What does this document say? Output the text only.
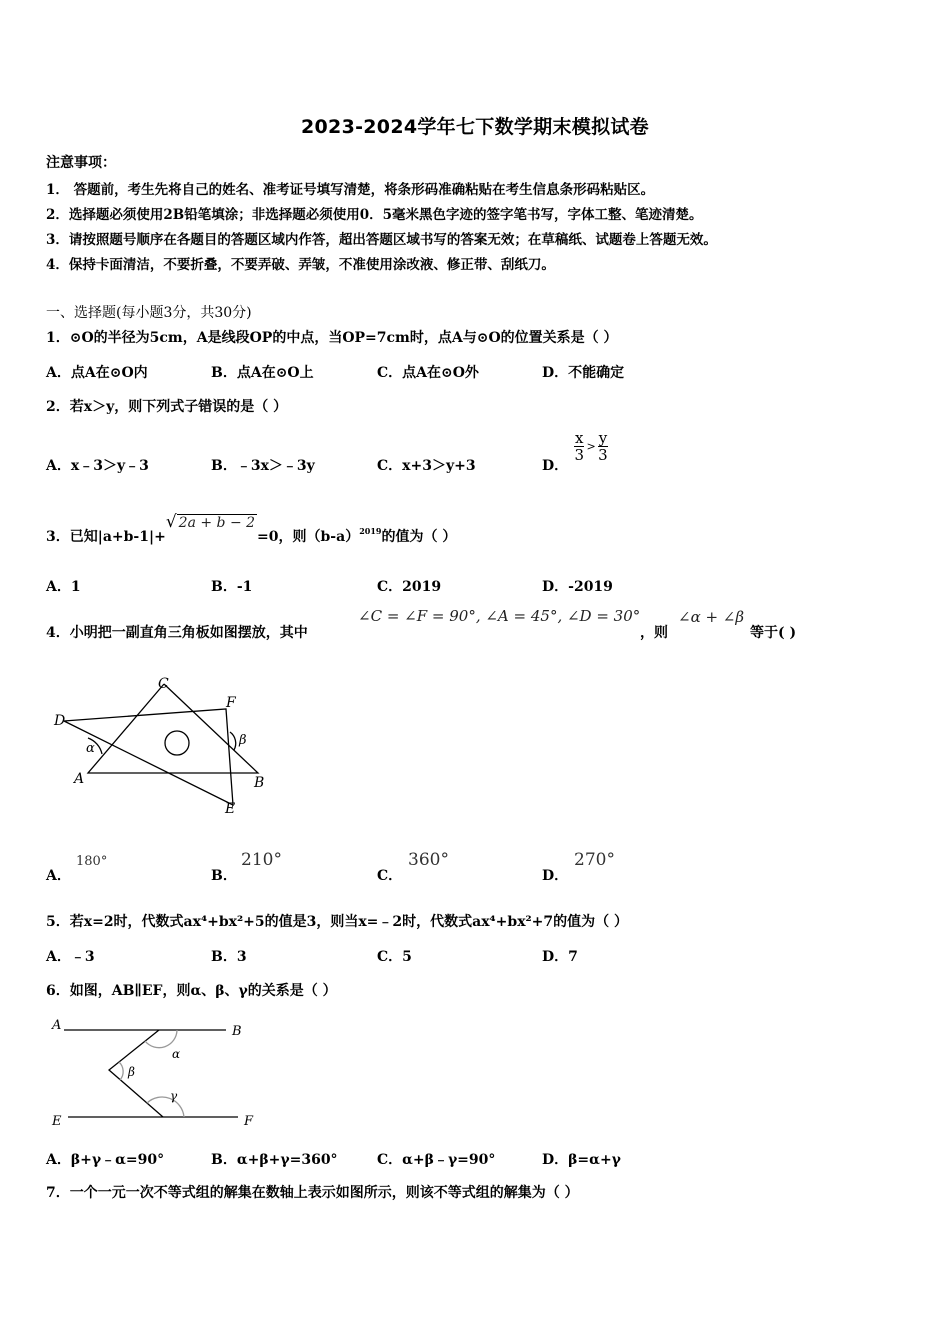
2023-2024学年七下数学期末模拟试卷
注意事项：
1． 答题前，考生先将自己的姓名、准考证号填写清楚，将条形码准确粘贴在考生信息条形码粘贴区。
2．选择题必须使用2B铅笔填涂；非选择题必须使用0．5毫米黑色字迹的签字笔书写，字体工整、笔迹清楚。
3．请按照题号顺序在各题目的答题区域内作答，超出答题区域书写的答案无效；在草稿纸、试题卷上答题无效。
4．保持卡面清洁，不要折叠，不要弄破、弄皱，不准使用涂改液、修正带、刮纸刀。
一、选择题(每小题3分，共30分)
1．⊙O的半径为5cm，A是线段OP的中点，当OP=7cm时，点A与⊙O的位置关系是（ ）
A．点A在⊙O内	B．点A在⊙O上	C．点A在⊙O外	D．不能确定
2．若x＞y，则下列式子错误的是（ ）
A．x﹣3＞y﹣3	B．﹣3x＞﹣3y	C．x+3＞y+3	D．
$\frac{x}{3} > \frac{y}{3}$
3．已知|a+b-1|+√ 2a + b − 2=0，则$(b-a)^{2019}$的值为（ ）
A．1	B．-1	C．2019	D．-2019
4．小明把一副直角三角板如图摆放，其中
∠C = ∠F = 90°, ∠A = 45°, ∠D = 30°
，则
∠α + ∠β
等于( )
C
F
D
α
β
A	B
E
A．
180°
B．
210°
C．
360°
D．
270°
5．若x=2时，代数式ax⁴+bx²+5的值是3，则当x=﹣2时，代数式ax⁴+bx²+7的值为（ ）
A．﹣3	B．3	C．5	D．7
6．如图，AB∥EF，则α、β、γ的关系是（ ）
A	B
E	F
α
β
γ
A．β+γ﹣α=90°	B．α+β+γ=360°	C．α+β﹣γ=90°	D．β=α+γ
7．一个一元一次不等式组的解集在数轴上表示如图所示，则该不等式组的解集为（ ）
